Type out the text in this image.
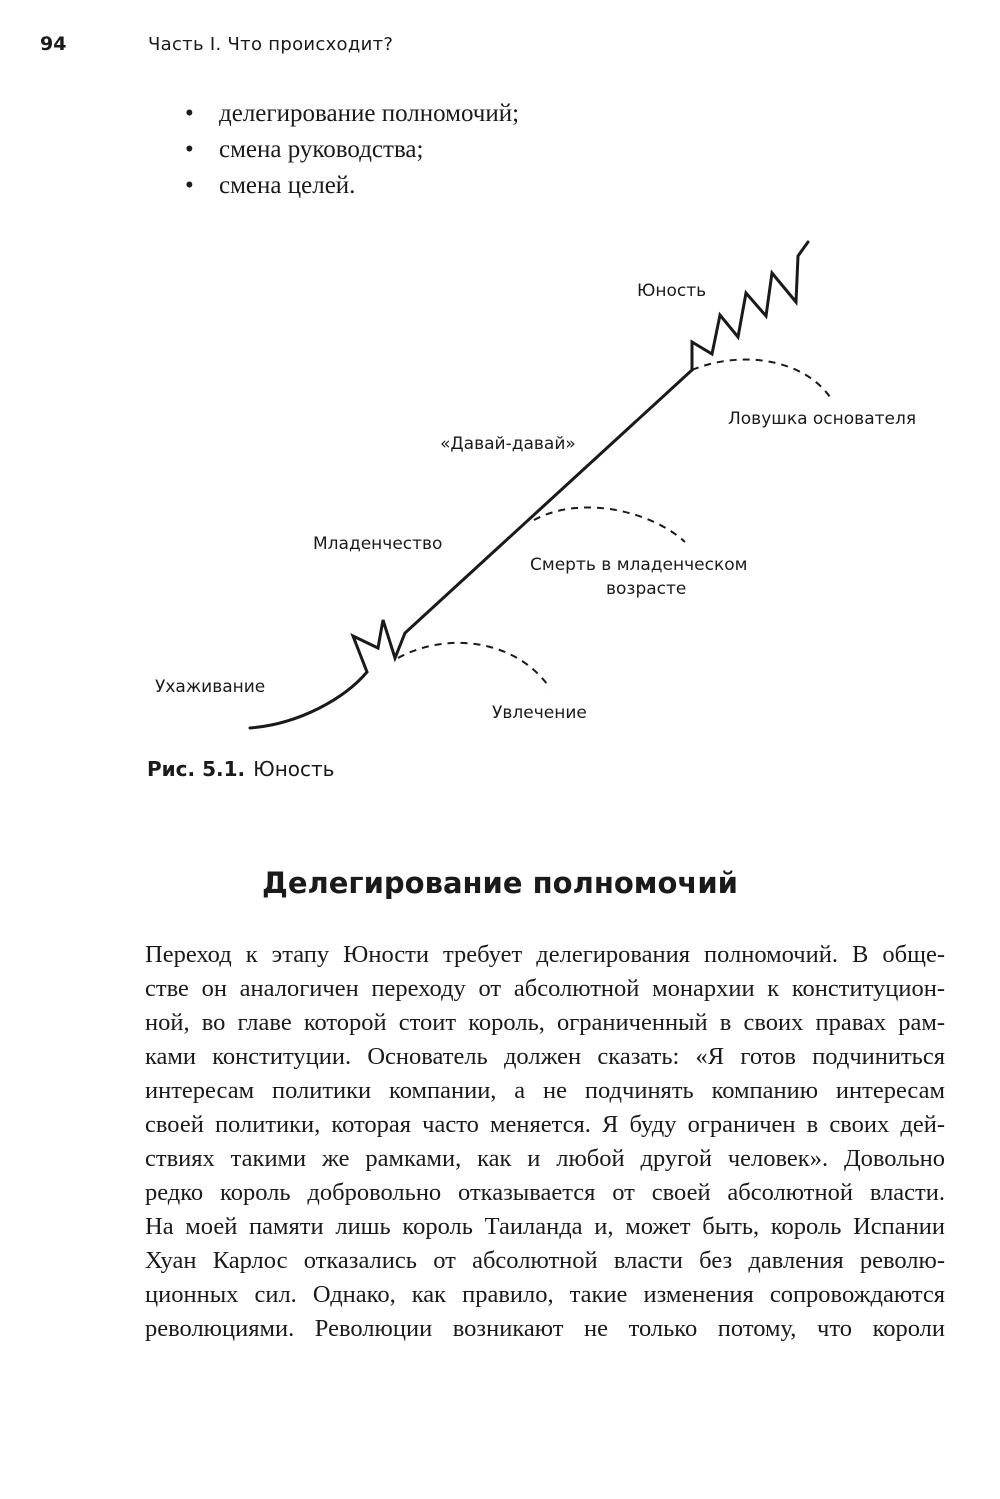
94	Часть I. Что происходит?
• делегирование полномочий;
• смена руководства;
• смена целей.
Юность
Ловушка основателя
«Давай-давай»
Младенчество
Смерть в младенческом
возрасте
Ухаживание
Увлечение
Рис. 5.1. Юность
Делегирование полномочий

Переход к этапу Юности требует делегирования полномочий. В обще-
стве он аналогичен переходу от абсолютной монархии к конституцион-
ной, во главе которой стоит король, ограниченный в своих правах рам-
ками конституции. Основатель должен сказать: «Я готов подчиниться
интересам политики компании, а не подчинять компанию интересам
своей политики, которая часто меняется. Я буду ограничен в своих дей-
ствиях такими же рамками, как и любой другой человек». Довольно
редко король добровольно отказывается от своей абсолютной власти.
На моей памяти лишь король Таиланда и, может быть, король Испании
Хуан Карлос отказались от абсолютной власти без давления револю-
ционных сил. Однако, как правило, такие изменения сопровождаются
революциями. Революции возникают не только потому, что короли
